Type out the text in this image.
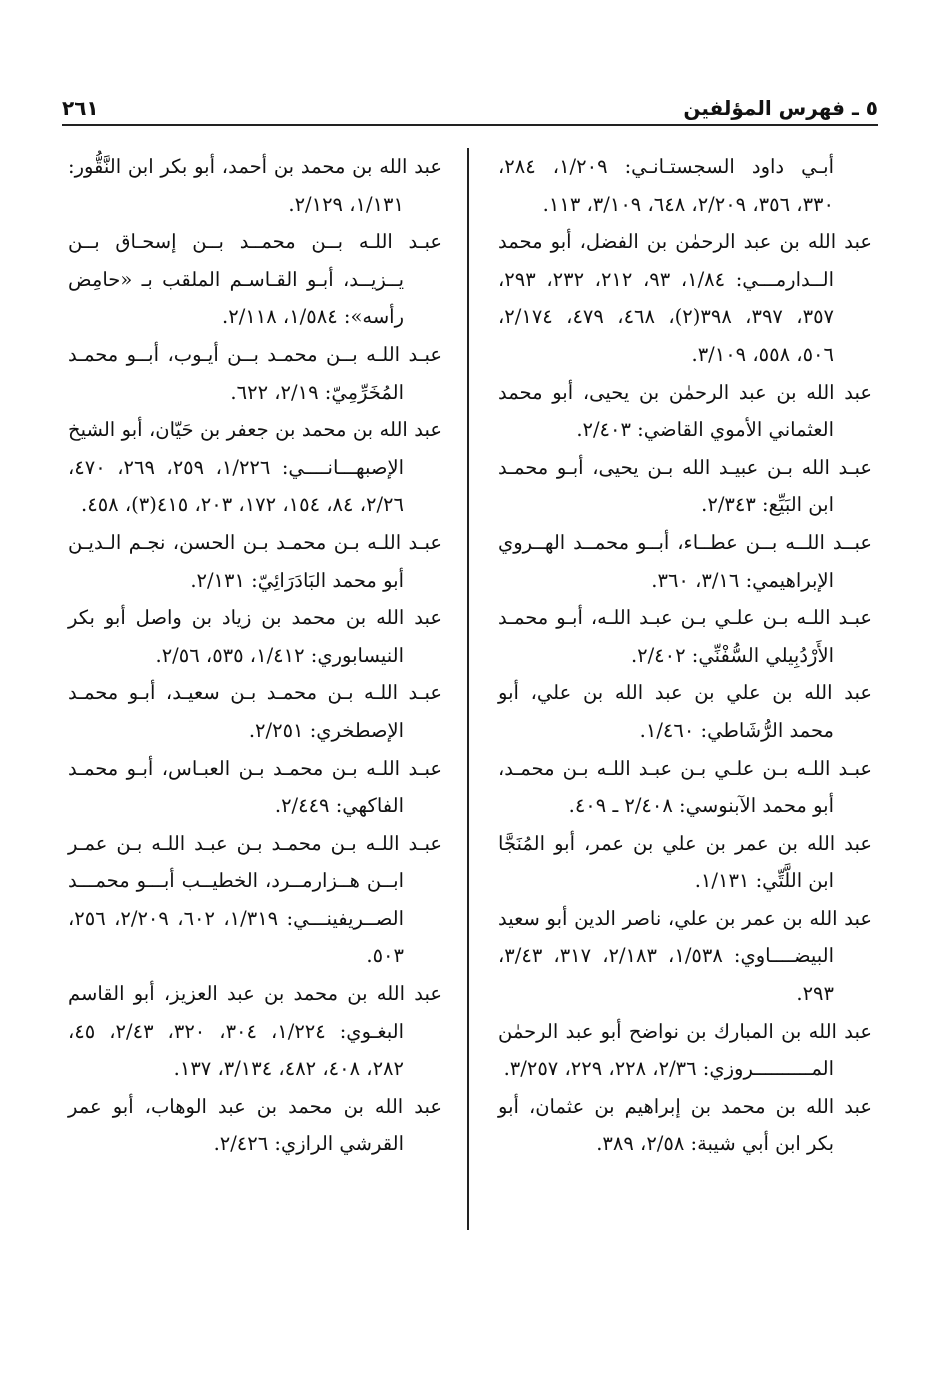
٥ ـ فهرس المؤلفين
٢٦١

أبـي داود السجستـانـي: ١/٢٠٩، ٢٨٤، ٣٣٠، ٣٥٦، ٢/٢٠٩، ٦٤٨، ٣/١٠٩، ١١٣.

عبد الله بن عبد الرحمٰن بن الفضل، أبو محمد الــدارمـــي: ١/٨٤، ٩٣، ٢١٢، ٢٣٢، ٢٩٣، ٣٥٧، ٣٩٧، ٣٩٨(٢)، ٤٦٨، ٤٧٩، ٢/١٧٤، ٥٠٦، ٥٥٨، ٣/١٠٩.

عبد الله بن عبد الرحمٰن بن يحيى، أبو محمد العثماني الأموي القاضي: ٢/٤٠٣.

عبـد الله بـن عبيـد الله بـن يحيى، أبـو محمـد ابن البَيِّع: ٢/٣٤٣.

عبــد اللــه بــن عطــاء، أبــو محمــد الهــروي الإبراهيمي: ٣/١٦، ٣٦٠.

عبـد اللـه بـن علـي بـن عبـد اللـه، أبـو محمـد الأَرْدُبِيلي السُّفْنِّي: ٢/٤٠٢.

عبد الله بن علي بن عبد الله بن علي، أبو محمد الرُّشَاطي: ١/٤٦٠.

عبـد اللـه بـن علـي بـن عبـد اللـه بـن محمـد، أبو محمد الآبنوسي: ٢/٤٠٨ ـ ٤٠٩.

عبد الله بن عمر بن علي بن عمر، أبو المُنَجَّا ابن اللَّتِّي: ١/١٣١.

عبد الله بن عمر بن علي، ناصر الدين أبو سعيد البيضــــاوي: ١/٥٣٨، ٢/١٨٣، ٣١٧، ٣/٤٣، ٢٩٣.

عبد الله بن المبارك بن نواضح أبو عبد الرحمٰن المــــــــــروزي: ٢/٣٦، ٢٢٨، ٢٢٩، ٣/٢٥٧.

عبد الله بن محمد بن إبراهيم بن عثمان، أبو بكر ابن أبي شيبة: ٢/٥٨، ٣٨٩.

عبد الله بن محمد بن أحمد، أبو بكر ابن النَّقُّور: ١/١٣١، ٢/١٢٩.

عبـد اللـه بــن محمــد بــن إسحـاق بــن يــزيــد، أبـو القـاسـم الملقب بـ «حامِض رأسه»: ١/٥٨٤، ٢/١١٨.

عبـد اللـه بــن محمـد بــن أيـوب، أبــو محمـد المُخَرِّمِيّ: ٢/١٩، ٦٢٢.

عبد الله بن محمد بن جعفر بن حَيّان، أبو الشيخ الإصبهـــانــــي: ١/٢٢٦، ٢٥٩، ٢٦٩، ٤٧٠، ٢/٢٦، ٨٤، ١٥٤، ١٧٢، ٢٠٣، ٤١٥(٣)، ٤٥٨.

عبـد اللـه بـن محمـد بـن الحسن، نجـم الـديـن أبو محمد البَادَرَائِيّ: ٢/١٣١.

عبد الله بن محمد بن زياد بن واصل أبو بكر النيسابوري: ١/٤١٢، ٥٣٥، ٢/٥٦.

عبـد اللـه بـن محمـد بـن سعيـد، أبـو محمـد الإصطخري: ٢/٢٥١.

عبـد اللـه بـن محمـد بـن العبـاس، أبـو محمـد الفاكهي: ٢/٤٤٩.

عبـد اللـه بـن محمـد بـن عبـد اللـه بـن عمـر ابــن هــزارمــرد، الخطيــب أبـــو محمـــد الصــريفينـــي: ١/٣١٩، ٦٠٢، ٢/٢٠٩، ٢٥٦، ٥٠٣.

عبد الله بن محمد بن عبد العزيز، أبو القاسم البغـوي: ١/٢٢٤، ٣٠٤، ٣٢٠، ٢/٤٣، ٤٥، ٢٨٢، ٤٠٨، ٤٨٢، ٣/١٣٤، ١٣٧.

عبد الله بن محمد بن عبد الوهاب، أبو عمر القرشي الرازي: ٢/٤٢٦.
